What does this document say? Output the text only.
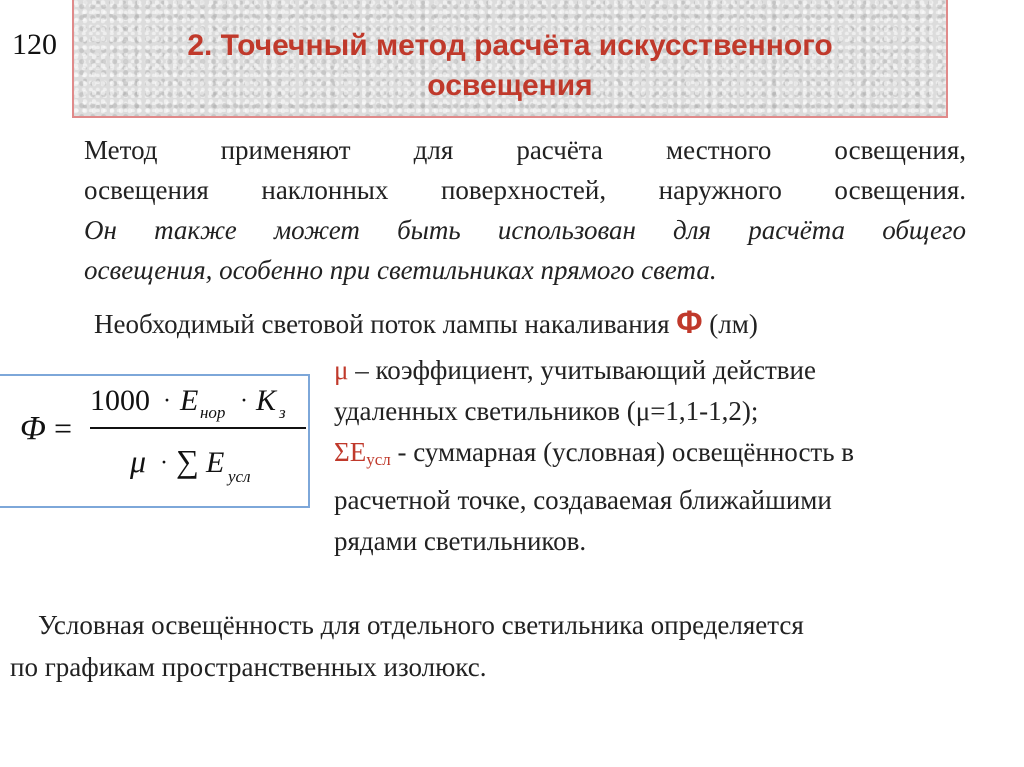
120	2. Точечный метод расчёта искусственного
освещения
Метод применяют для расчёта местного освещения,
освещения наклонных поверхностей, наружного освещения.
Он также может быть использован для расчёта общего
освещения, особенно при светильниках прямого света.
Необходимый световой поток лампы накаливания Φ (лм)
Φ =
1000 · E нор · K з
μ · ∑ E усл
μ – коэффициент, учитывающий действие
удаленных светильников (μ=1,1-1,2);
$\Sigma E_{усл}$ - суммарная (условная) освещённость в
расчетной точке, создаваемая ближайшими
рядами светильников.
Условная освещённость для отдельного светильника определяется
по графикам пространственных изолюкс.
